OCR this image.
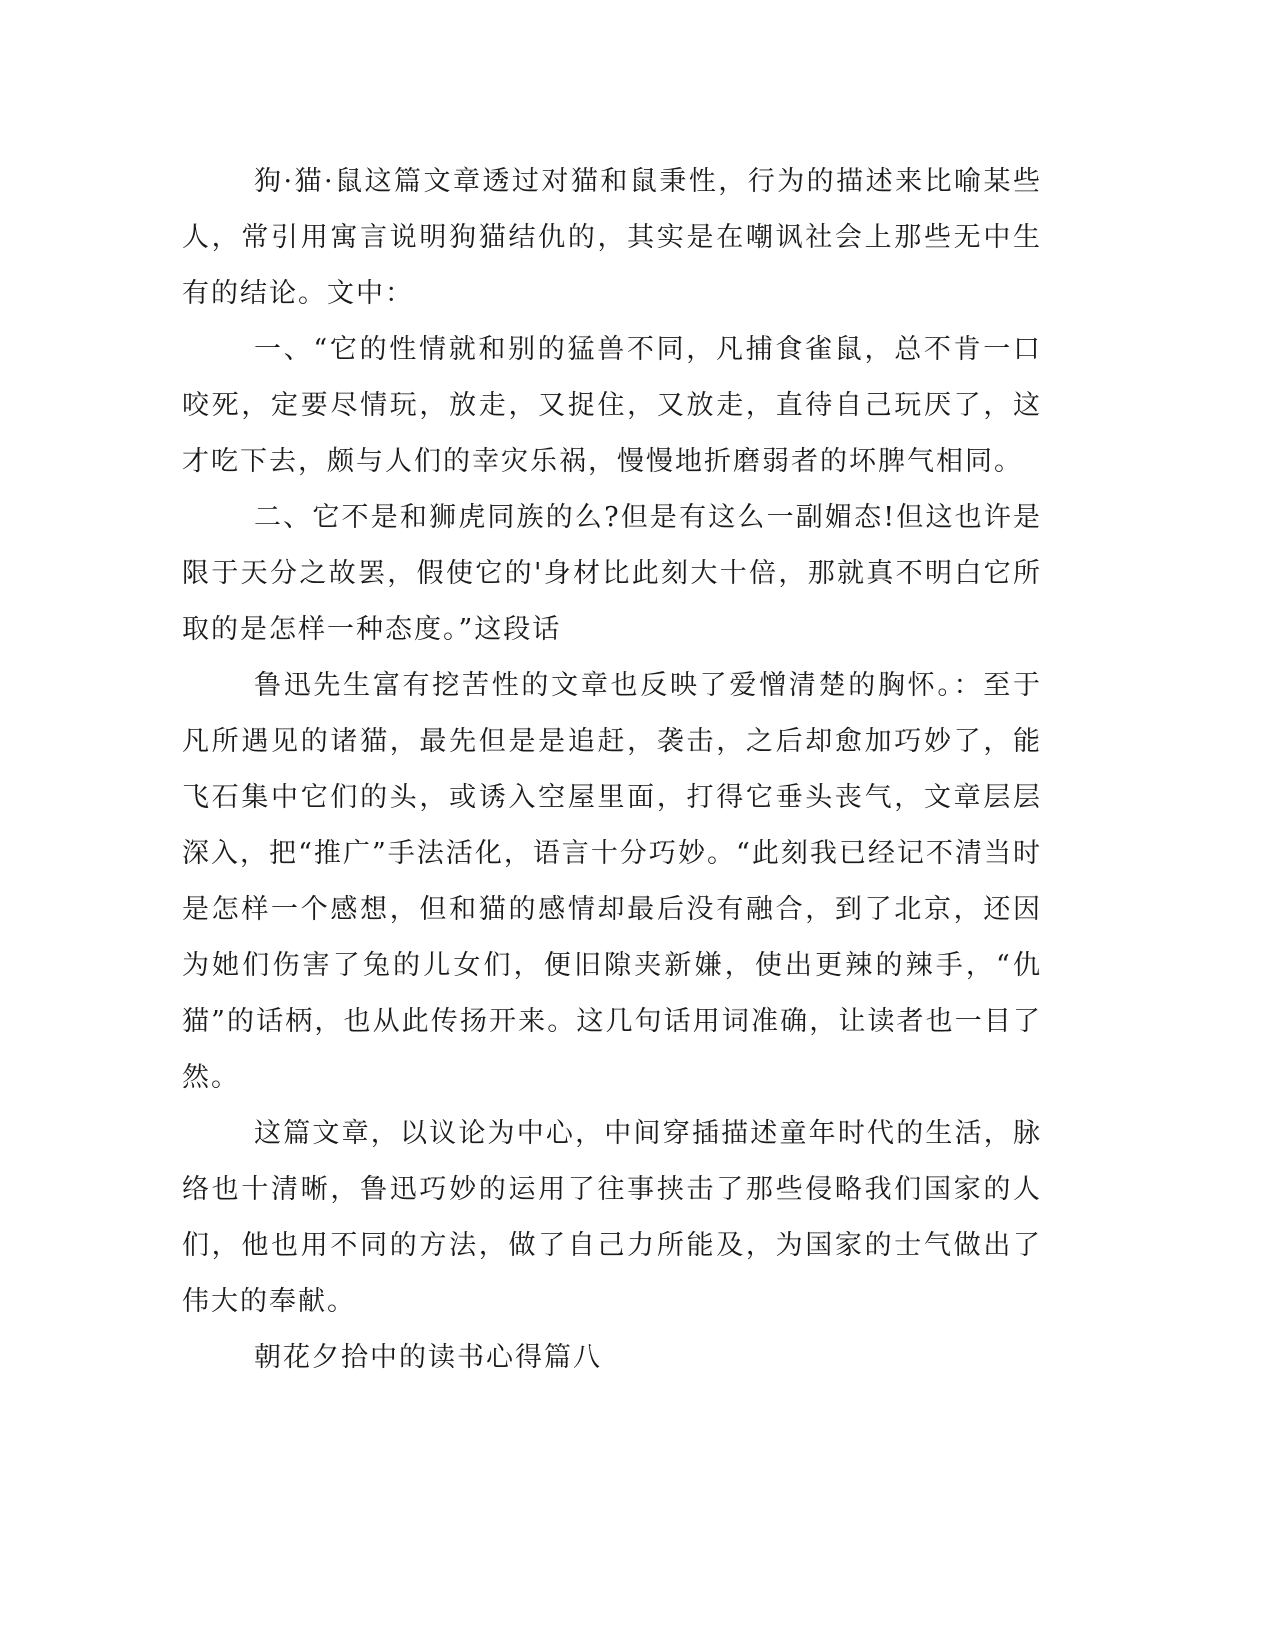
狗·猫·鼠这篇文章透过对猫和鼠秉性，行为的描述来比喻某些人，常引用寓言说明狗猫结仇的，其实是在嘲讽社会上那些无中生有的结论。文中：

一、“它的性情就和别的猛兽不同，凡捕食雀鼠，总不肯一口咬死，定要尽情玩，放走，又捉住，又放走，直待自己玩厌了，这才吃下去，颇与人们的幸灾乐祸，慢慢地折磨弱者的坏脾气相同。

二、它不是和狮虎同族的么?但是有这么一副媚态!但这也许是限于天分之故罢，假使它的'身材比此刻大十倍，那就真不明白它所取的是怎样一种态度。”这段话

鲁迅先生富有挖苦性的文章也反映了爱憎清楚的胸怀。：至于凡所遇见的诸猫，最先但是是追赶，袭击，之后却愈加巧妙了，能飞石集中它们的头，或诱入空屋里面，打得它垂头丧气，文章层层深入，把“推广”手法活化，语言十分巧妙。“此刻我已经记不清当时是怎样一个感想，但和猫的感情却最后没有融合，到了北京，还因为她们伤害了兔的儿女们，便旧隙夹新嫌，使出更辣的辣手，“仇猫”的话柄，也从此传扬开来。这几句话用词准确，让读者也一目了然。

这篇文章，以议论为中心，中间穿插描述童年时代的生活，脉络也十清晰，鲁迅巧妙的运用了往事挟击了那些侵略我们国家的人们，他也用不同的方法，做了自己力所能及，为国家的士气做出了伟大的奉献。

朝花夕拾中的读书心得篇八
